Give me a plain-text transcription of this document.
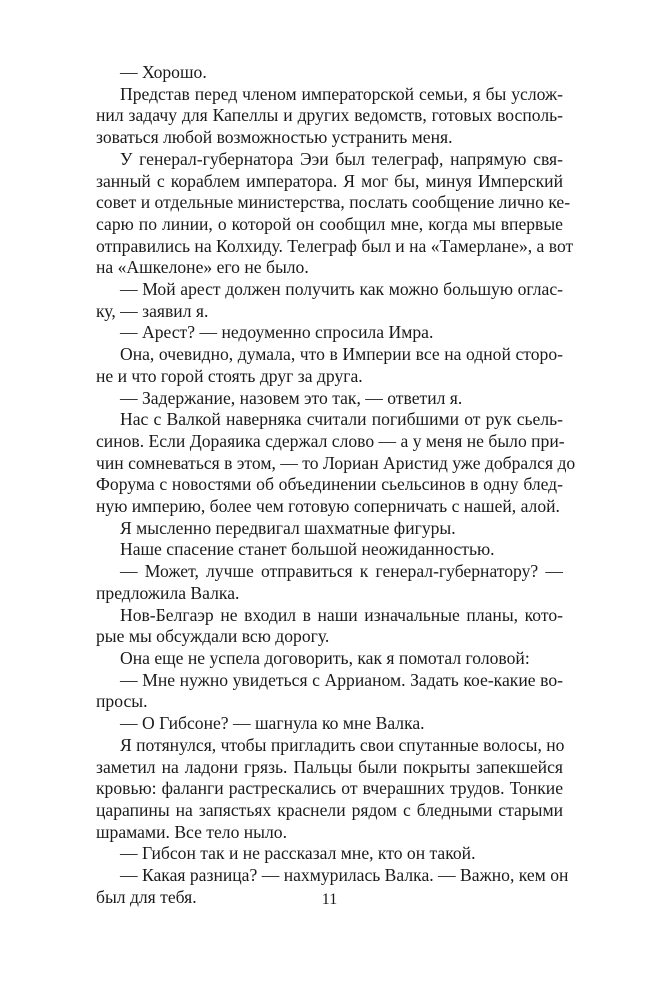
— Хорошо.

Представ перед членом императорской семьи, я бы услож-
нил задачу для Капеллы и других ведомств, готовых восполь-
зоваться любой возможностью устранить меня.

У генерал-губернатора Ээи был телеграф, напрямую свя-
занный с кораблем императора. Я мог бы, минуя Имперский
совет и отдельные министерства, послать сообщение лично ке-
сарю по линии, о которой он сообщил мне, когда мы впервые
отправились на Колхиду. Телеграф был и на «Тамерлане», а вот
на «Ашкелоне» его не было.

— Мой арест должен получить как можно большую оглас-
ку, — заявил я.

— Арест? — недоуменно спросила Имра.

Она, очевидно, думала, что в Империи все на одной сторо-
не и что горой стоять друг за друга.

— Задержание, назовем это так, — ответил я.

Нас с Валкой наверняка считали погибшими от рук сьель-
синов. Если Дораяика сдержал слово — а у меня не было при-
чин сомневаться в этом, — то Лориан Аристид уже добрался до
Форума с новостями об объединении сьельсинов в одну блед-
ную империю, более чем готовую соперничать с нашей, алой.

Я мысленно передвигал шахматные фигуры.

Наше спасение станет большой неожиданностью.

— Может, лучше отправиться к генерал-губернатору? —
предложила Валка.

Нов-Белгаэр не входил в наши изначальные планы, кото-
рые мы обсуждали всю дорогу.

Она еще не успела договорить, как я помотал головой:

— Мне нужно увидеться с Аррианом. Задать кое-какие во-
просы.

— О Гибсоне? — шагнула ко мне Валка.

Я потянулся, чтобы пригладить свои спутанные волосы, но
заметил на ладони грязь. Пальцы были покрыты запекшейся
кровью: фаланги растрескались от вчерашних трудов. Тонкие
царапины на запястьях краснели рядом с бледными старыми
шрамами. Все тело ныло.

— Гибсон так и не рассказал мне, кто он такой.

— Какая разница? — нахмурилась Валка. — Важно, кем он
был для тебя.	11
